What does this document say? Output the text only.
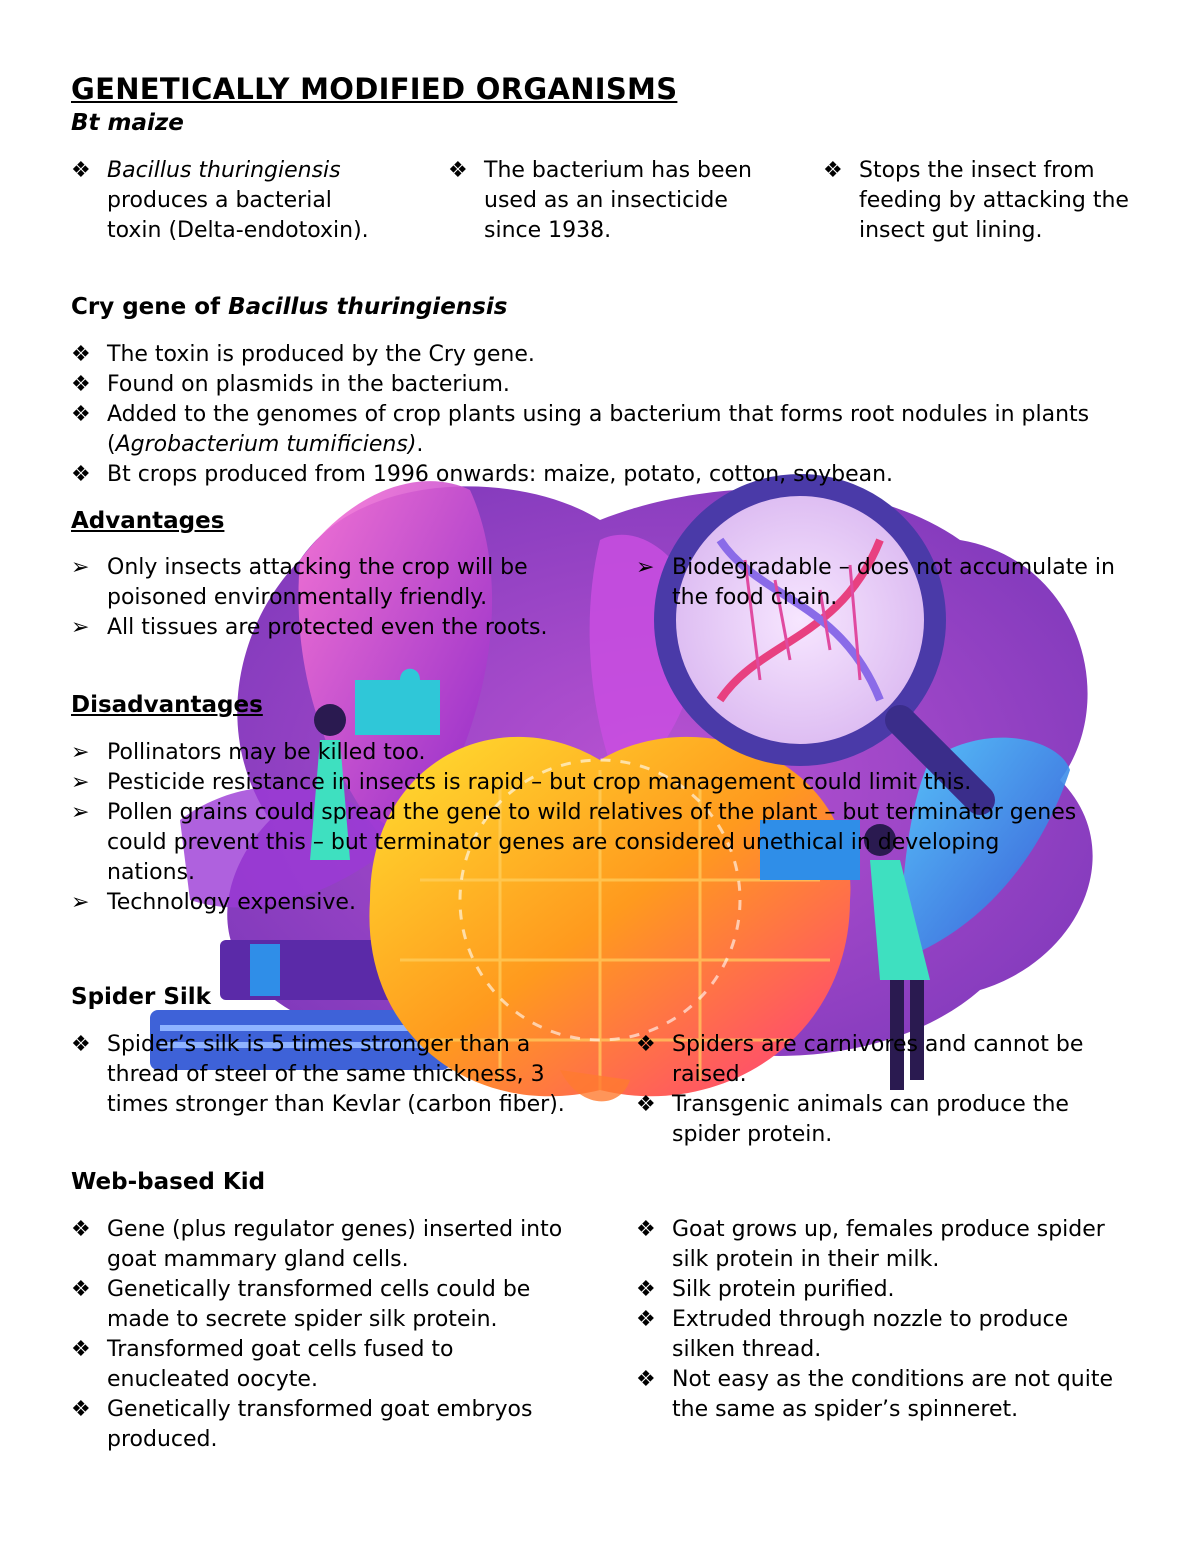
GENETICALLY MODIFIED ORGANISMS
Bt maize
❖ Bacillus thuringiensis produces a bacterial toxin (Delta-endotoxin).
❖ The bacterium has been used as an insecticide since 1938.
❖ Stops the insect from feeding by attacking the insect gut lining.
Cry gene of Bacillus thuringiensis
❖ The toxin is produced by the Cry gene.
❖ Found on plasmids in the bacterium.
❖ Added to the genomes of crop plants using a bacterium that forms root nodules in plants (Agrobacterium tumificiens).
❖ Bt crops produced from 1996 onwards: maize, potato, cotton, soybean.
Advantages
➢ Only insects attacking the crop will be poisoned environmentally friendly.
➢ All tissues are protected even the roots.
➢ Biodegradable – does not accumulate in the food chain.
Disadvantages
➢ Pollinators may be killed too.
➢ Pesticide resistance in insects is rapid – but crop management could limit this.
➢ Pollen grains could spread the gene to wild relatives of the plant – but terminator genes could prevent this – but terminator genes are considered unethical in developing nations.
➢ Technology expensive.
Spider Silk
❖ Spider’s silk is 5 times stronger than a thread of steel of the same thickness, 3 times stronger than Kevlar (carbon fiber).
❖ Spiders are carnivores and cannot be raised.
❖ Transgenic animals can produce the spider protein.
Web-based Kid
❖ Gene (plus regulator genes) inserted into goat mammary gland cells.
❖ Genetically transformed cells could be made to secrete spider silk protein.
❖ Transformed goat cells fused to enucleated oocyte.
❖ Genetically transformed goat embryos produced.
❖ Goat grows up, females produce spider silk protein in their milk.
❖ Silk protein purified.
❖ Extruded through nozzle to produce silken thread.
❖ Not easy as the conditions are not quite the same as spider’s spinneret.
